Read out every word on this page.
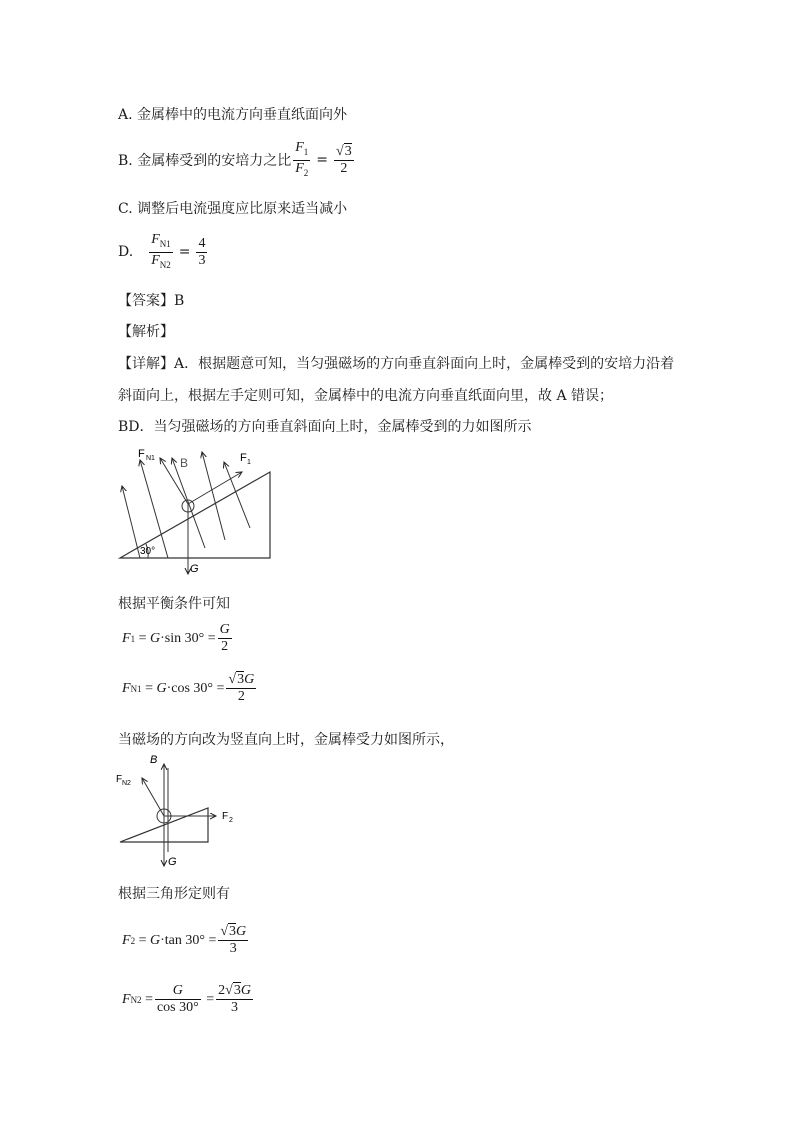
A. 金属棒中的电流方向垂直纸面向外
B. 金属棒受到的安培力之比 $\frac{F_1}{F_2} = \frac{√3}{2}$
C. 调整后电流强度应比原来适当减小
D. $\frac{F_{N1}}{F_{N2}} = \frac{4}{3}$
【答案】B
【解析】
【详解】A．根据题意可知，当匀强磁场的方向垂直斜面向上时，金属棒受到的安培力沿着
斜面向上，根据左手定则可知，金属棒中的电流方向垂直纸面向里，故 A 错误；
BD．当匀强磁场的方向垂直斜面向上时，金属棒受到的力如图所示
F N1 B	F 1
30°
G
根据平衡条件可知
F 1 = G ·sin $30^\circ = \frac{G}{2}$
F N1 = G ·cos $30^\circ = \frac{√3G}{2}$
当磁场的方向改为竖直向上时，金属棒受力如图所示，
F N2
B
F 2
G
根据三角形定则有
F 2 = G ·tan $30^\circ = \frac{√3G}{3}$
F $N2 = \frac{G}{\cos 30^\circ} = \frac{2√3G}{3}$
